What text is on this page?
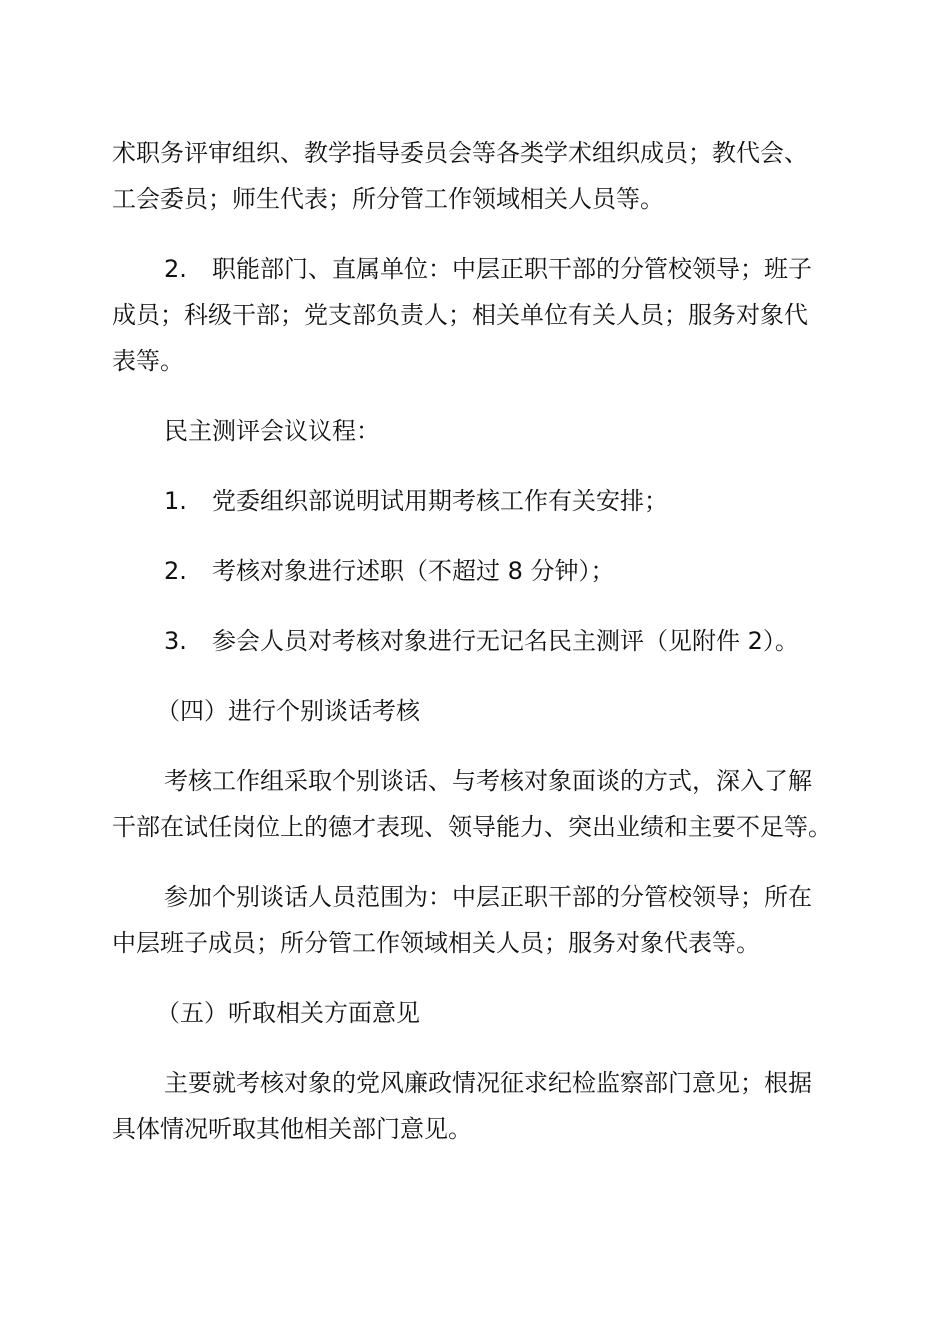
术职务评审组织、教学指导委员会等各类学术组织成员；教代会、
工会委员；师生代表；所分管工作领域相关人员等。

2. 职能部门、直属单位：中层正职干部的分管校领导；班子
成员；科级干部；党支部负责人；相关单位有关人员；服务对象代
表等。

民主测评会议议程：

1. 党委组织部说明试用期考核工作有关安排；

2. 考核对象进行述职（不超过 8 分钟）；

3. 参会人员对考核对象进行无记名民主测评（见附件 2）。

（四）进行个别谈话考核

考核工作组采取个别谈话、与考核对象面谈的方式，深入了解
干部在试任岗位上的德才表现、领导能力、突出业绩和主要不足等。

参加个别谈话人员范围为：中层正职干部的分管校领导；所在
中层班子成员；所分管工作领域相关人员；服务对象代表等。

（五）听取相关方面意见

主要就考核对象的党风廉政情况征求纪检监察部门意见；根据
具体情况听取其他相关部门意见。
